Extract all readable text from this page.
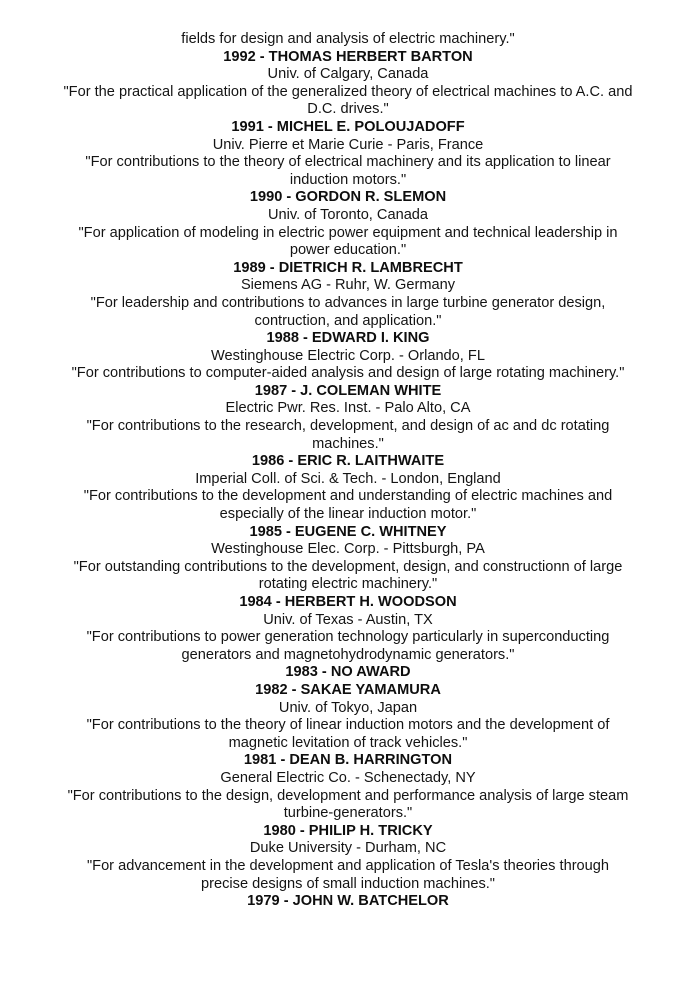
fields for design and analysis of electric machinery."
1992 - THOMAS HERBERT BARTON
Univ. of Calgary, Canada
"For the practical application of the generalized theory of electrical machines to A.C. and
D.C. drives."
1991 - MICHEL E. POLOUJADOFF
Univ. Pierre et Marie Curie - Paris, France
"For contributions to the theory of electrical machinery and its application to linear
induction motors."
1990 - GORDON R. SLEMON
Univ. of Toronto, Canada
"For application of modeling in electric power equipment and technical leadership in
power education."
1989 - DIETRICH R. LAMBRECHT
Siemens AG - Ruhr, W. Germany
"For leadership and contributions to advances in large turbine generator design,
contruction, and application."
1988 - EDWARD I. KING
Westinghouse Electric Corp. - Orlando, FL
"For contributions to computer-aided analysis and design of large rotating machinery."
1987 - J. COLEMAN WHITE
Electric Pwr. Res. Inst. - Palo Alto, CA
"For contributions to the research, development, and design of ac and dc rotating
machines."
1986 - ERIC R. LAITHWAITE
Imperial Coll. of Sci. & Tech. - London, England
"For contributions to the development and understanding of electric machines and
especially of the linear induction motor."
1985 - EUGENE C. WHITNEY
Westinghouse Elec. Corp. - Pittsburgh, PA
"For outstanding contributions to the development, design, and constructionn of large
rotating electric machinery."
1984 - HERBERT H. WOODSON
Univ. of Texas - Austin, TX
"For contributions to power generation technology particularly in superconducting
generators and magnetohydrodynamic generators."
1983 - NO AWARD
1982 - SAKAE YAMAMURA
Univ. of Tokyo, Japan
"For contributions to the theory of linear induction motors and the development of
magnetic levitation of track vehicles."
1981 - DEAN B. HARRINGTON
General Electric Co. - Schenectady, NY
"For contributions to the design, development and performance analysis of large steam
turbine-generators."
1980 - PHILIP H. TRICKY
Duke University - Durham, NC
"For advancement in the development and application of Tesla's theories through
precise designs of small induction machines."
1979 - JOHN W. BATCHELOR
